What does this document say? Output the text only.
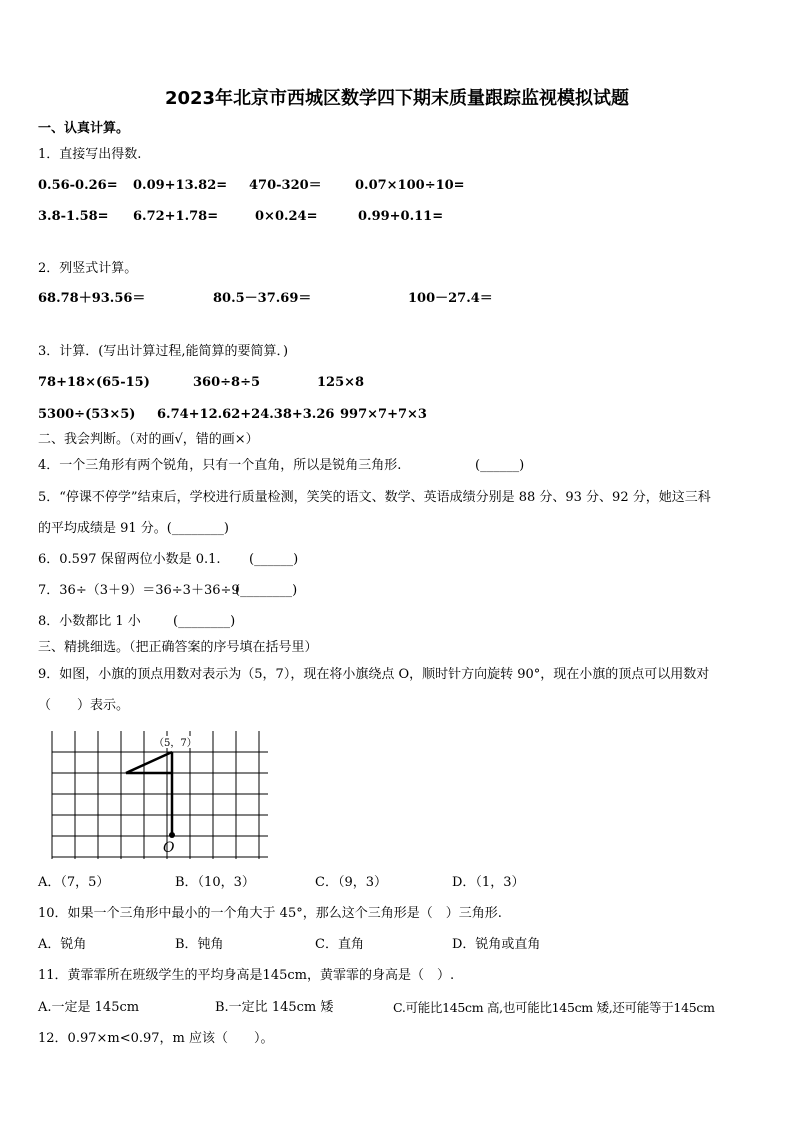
2023年北京市西城区数学四下期末质量跟踪监视模拟试题
一、认真计算。
1．直接写出得数.
0.56-0.26= 0.09+13.82= 470-320＝	0.07×100÷10=
3.8-1.58= 6.72+1.78=	0×0.24=	0.99+0.11=
2．列竖式计算。
68.78＋93.56＝	80.5－37.69＝	100－27.4＝
3．计算．(写出计算过程,能简算的要简算．)
78+18×(65-15)	360÷8÷5	125×8
5300÷(53×5) 6.74+12.62+24.38+3.26 997×7+7×3
二、我会判断。（对的画√，错的画×）
4．一个三角形有两个锐角，只有一个直角，所以是锐角三角形.	(______)
5．“停课不停学”结束后，学校进行质量检测，笑笑的语文、数学、英语成绩分别是 88 分、93 分、92 分，她这三科
的平均成绩是 91 分。(________)
6．0.597 保留两位小数是 0.1. (______)
7．36÷（3＋9）＝36÷3＋36÷9
(________)
8．小数都比 1 小 (________)
三、精挑细选。（把正确答案的序号填在括号里）
9．如图，小旗的顶点用数对表示为（5，7），现在将小旗绕点 O，顺时针方向旋转 90°，现在小旗的顶点可以用数对
（　　）表示。
（5，7）
O
A．（7，5）	B．（10，3）	C．（9，3）	D．（1，3）
10．如果一个三角形中最小的一个角大于 45°，那么这个三角形是（　）三角形.
A．锐角	B．钝角	C．直角	D．锐角或直角
11．黄霏霏所在班级学生的平均身高是145cm，黄霏霏的身高是（　）.
A.一定是 145cm	B.一定比 145cm 矮	C.可能比145cm 高,也可能比145cm 矮,还可能等于145cm
12．0.97×m<0.97，m 应该（　　）。
